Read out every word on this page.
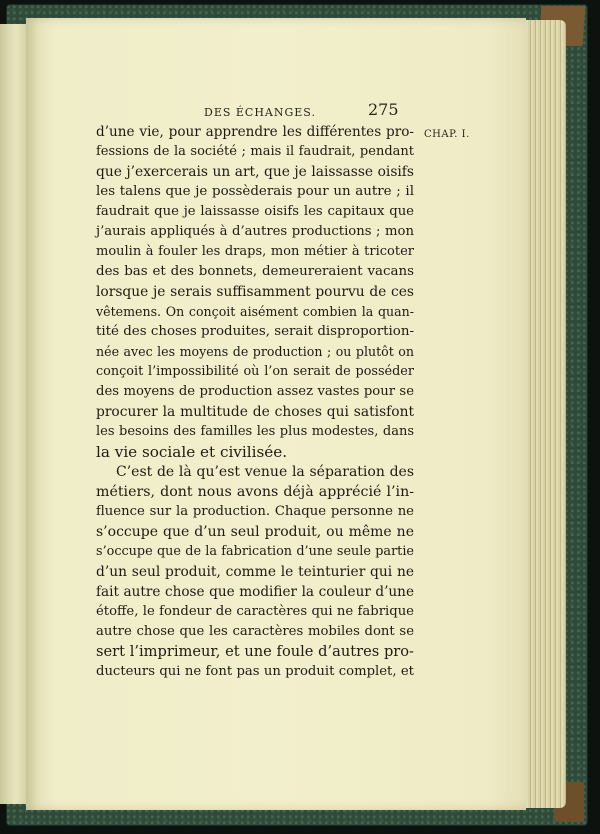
DES ÉCHANGES.	275
CHAP. I.
d’une vie, pour apprendre les différentes pro-
fessions de la société ; mais il faudrait, pendant
que j’exercerais un art, que je laissasse oisifs
les talens que je possèderais pour un autre ; il
faudrait que je laissasse oisifs les capitaux que
j’aurais appliqués à d’autres productions ; mon
moulin à fouler les draps, mon métier à tricoter
des bas et des bonnets, demeureraient vacans
lorsque je serais suffisamment pourvu de ces
vêtemens. On conçoit aisément combien la quan-
tité des choses produites, serait disproportion-
née avec les moyens de production ; ou plutôt on
conçoit l’impossibilité où l’on serait de posséder
des moyens de production assez vastes pour se
procurer la multitude de choses qui satisfont
les besoins des familles les plus modestes, dans
la vie sociale et civilisée.
C’est de là qu’est venue la séparation des
métiers, dont nous avons déjà apprécié l’in-
fluence sur la production. Chaque personne ne
s’occupe que d’un seul produit, ou même ne
s’occupe que de la fabrication d’une seule partie
d’un seul produit, comme le teinturier qui ne
fait autre chose que modifier la couleur d’une
étoffe, le fondeur de caractères qui ne fabrique
autre chose que les caractères mobiles dont se
sert l’imprimeur, et une foule d’autres pro-
ducteurs qui ne font pas un produit complet, et
